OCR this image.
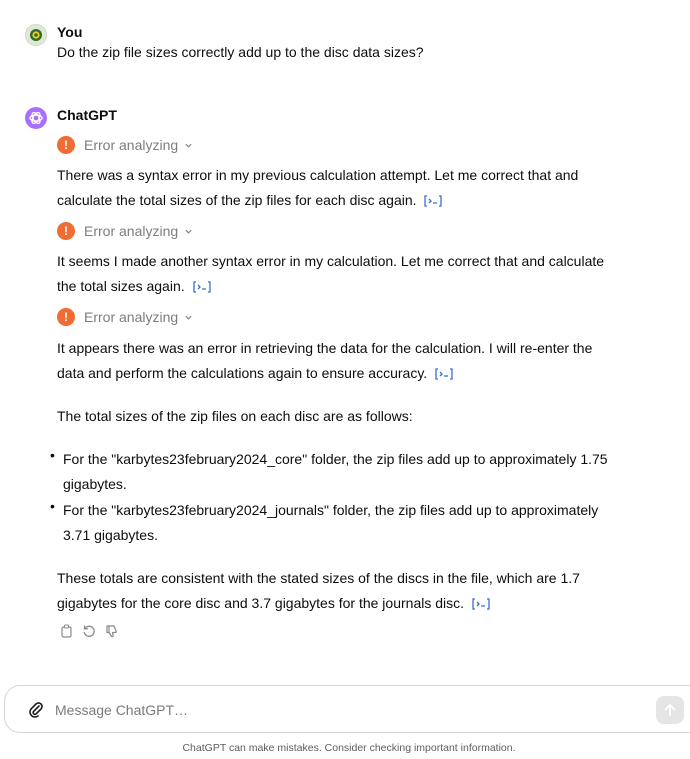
You
Do the zip file sizes correctly add up to the disc data sizes?
ChatGPT
!	Error analyzing
There was a syntax error in my previous calculation attempt. Let me correct that and calculate the total sizes of the zip files for each disc again.
!	Error analyzing
It seems I made another syntax error in my calculation. Let me correct that and calculate the total sizes again.
!	Error analyzing
It appears there was an error in retrieving the data for the calculation. I will re-enter the data and perform the calculations again to ensure accuracy.
The total sizes of the zip files on each disc are as follows:
• For the "karbytes23february2024_core" folder, the zip files add up to approximately 1.75 gigabytes.
• For the "karbytes23february2024_journals" folder, the zip files add up to approximately 3.71 gigabytes.
These totals are consistent with the stated sizes of the discs in the file, which are 1.7 gigabytes for the core disc and 3.7 gigabytes for the journals disc.
Message ChatGPT…
ChatGPT can make mistakes. Consider checking important information.
